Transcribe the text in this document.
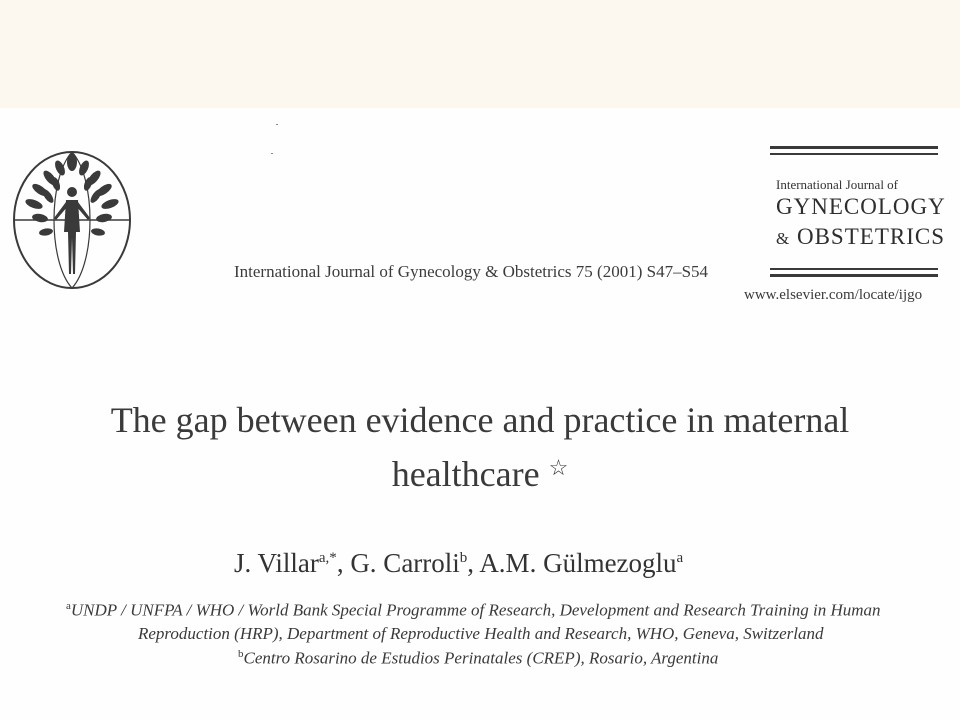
International Journal of Gynecology & Obstetrics 75 (2001) S47–S54
International Journal of
GYNECOLOGY
& OBSTETRICS
www.elsevier.com/locate/ijgo
The gap between evidence and practice in maternal
healthcare ☆
J. Villar$^{a,*}$, G. Carroli$^b$, A.M. Gülmezoglu$^a$
$^a$UNDP / UNFPA / WHO / World Bank Special Programme of Research, Development and Research Training in Human
Reproduction (HRP), Department of Reproductive Health and Research, WHO, Geneva, Switzerland
$^b$Centro Rosarino de Estudios Perinatales (CREP), Rosario, Argentina
